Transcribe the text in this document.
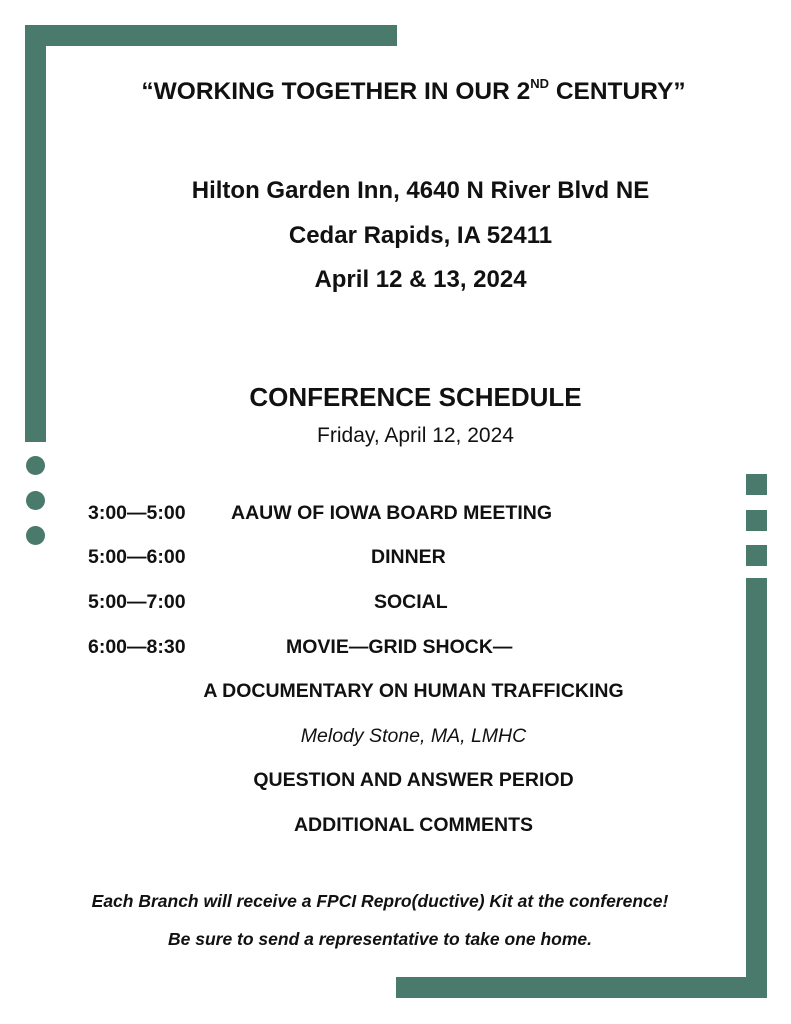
“WORKING TOGETHER IN OUR 2ND CENTURY”
Hilton Garden Inn, 4640 N River Blvd NE
Cedar Rapids, IA 52411
April 12 & 13, 2024
CONFERENCE SCHEDULE
Friday, April 12, 2024
3:00—5:00 AAUW OF IOWA BOARD MEETING
5:00—6:00	DINNER
5:00—7:00	SOCIAL
6:00—8:30	MOVIE—GRID SHOCK—
A DOCUMENTARY ON HUMAN TRAFFICKING
Melody Stone, MA, LMHC
QUESTION AND ANSWER PERIOD
ADDITIONAL COMMENTS
Each Branch will receive a FPCI Repro(ductive) Kit at the conference!
Be sure to send a representative to take one home.
